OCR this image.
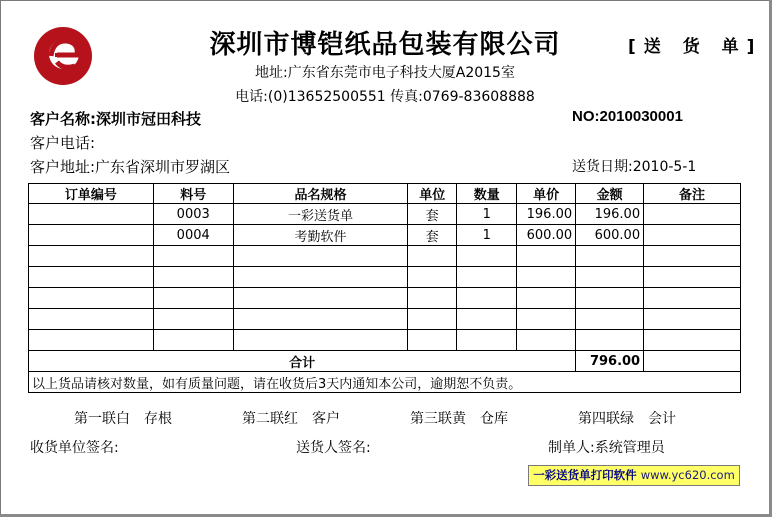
深圳市博铠纸品包装有限公司	[送 货 单]
地址:广东省东莞市电子科技大厦A2015室
电话:(0)13652500551 传真:0769-83608888
客户名称:深圳市冠田科技	NO:2010030001
客户电话:
客户地址:广东省深圳市罗湖区	送货日期:2010-5-1
订单编号	料号	品名规格	单位	数量	单价	金额	备注
	0003	一彩送货单	套	1	196.00	196.00	
	0004	考勤软件	套	1	600.00	600.00	

合计						796.00	
以上货品请核对数量，如有质量问题，请在收货后3天内通知本公司，逾期恕不负责。							
第一联白　存根	第二联红　客户	第三联黄　仓库	第四联绿　会计
收货单位签名:	送货人签名:	制单人:系统管理员
一彩送货单打印软件 www.yc620.com
